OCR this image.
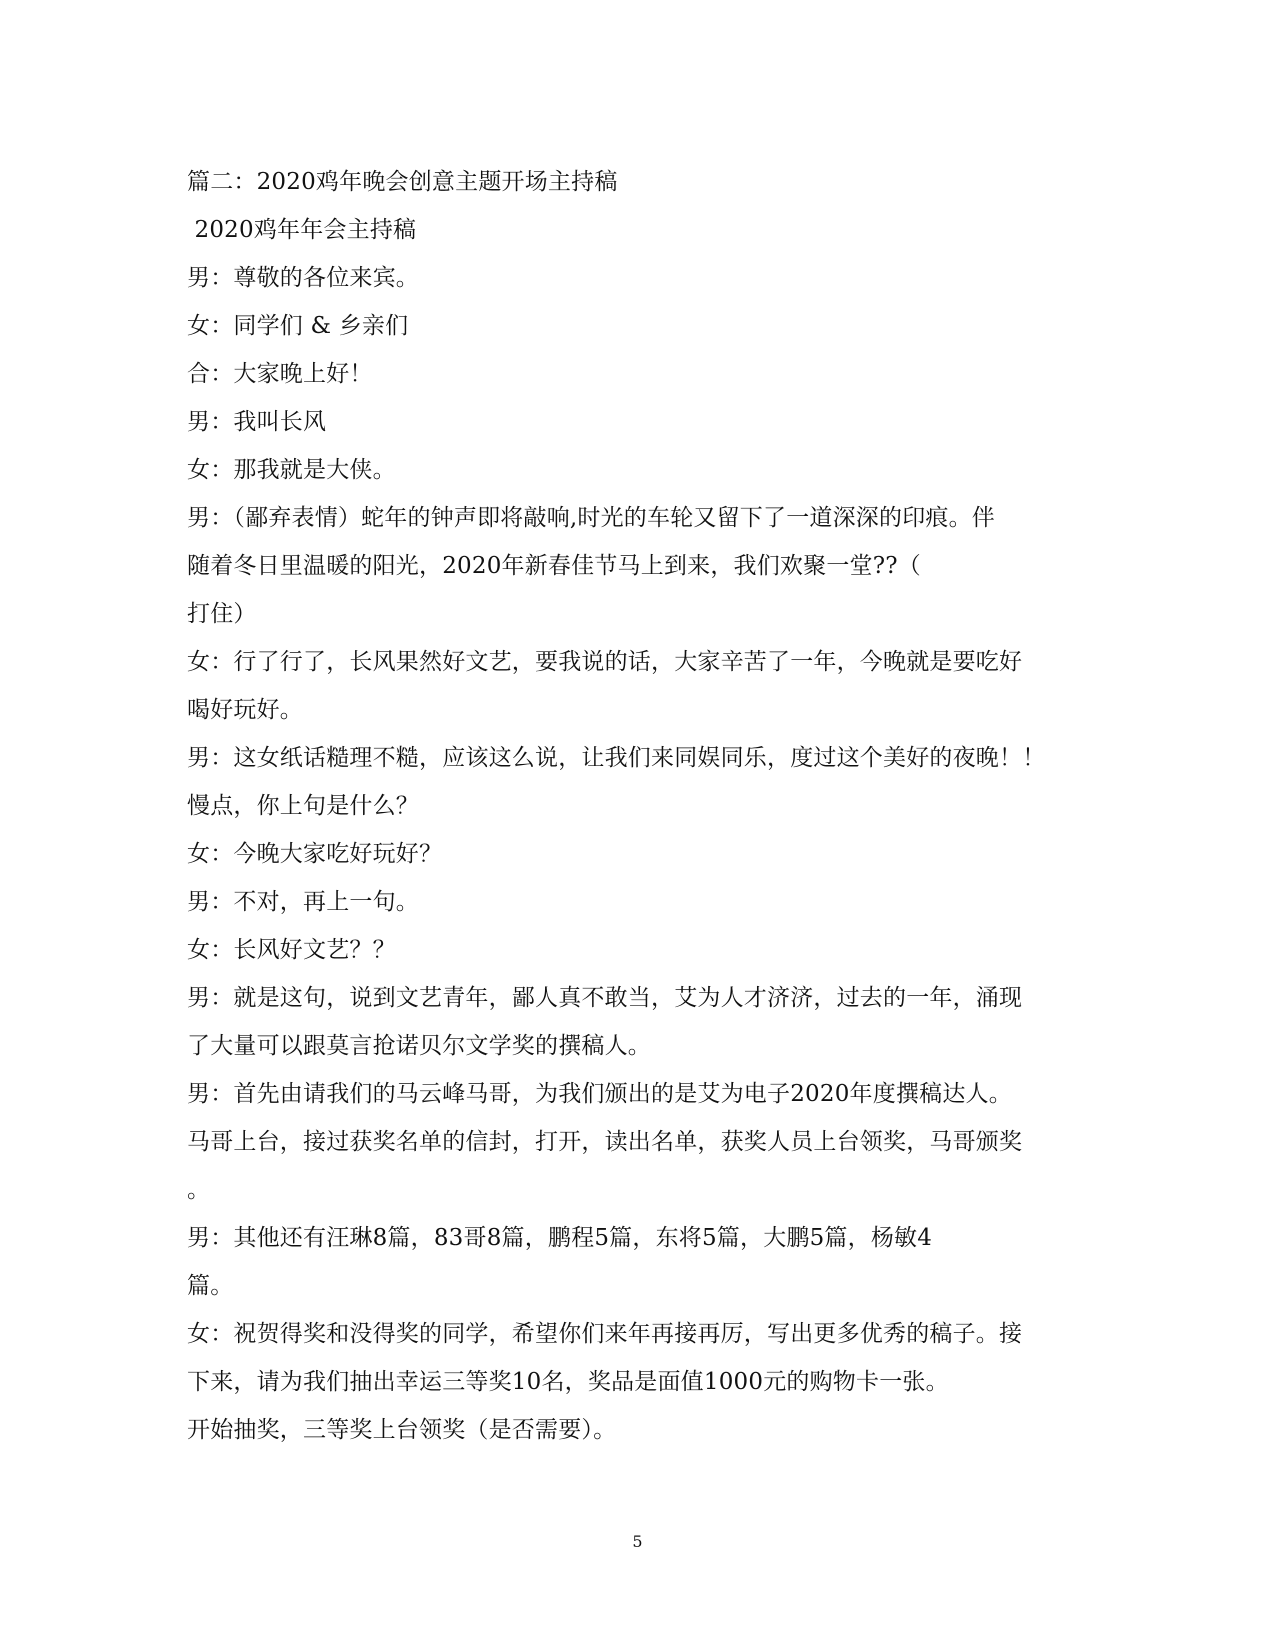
篇二：2020鸡年晚会创意主题开场主持稿
2020鸡年年会主持稿
男：尊敬的各位来宾。
女：同学们 & 乡亲们
合：大家晚上好！
男：我叫长风
女：那我就是大侠。
男：（鄙弃表情）蛇年的钟声即将敲响,时光的车轮又留下了一道深深的印痕。伴
随着冬日里温暖的阳光，2020年新春佳节马上到来，我们欢聚一堂??（
打住）
女：行了行了，长风果然好文艺，要我说的话，大家辛苦了一年，今晚就是要吃好
喝好玩好。
男：这女纸话糙理不糙，应该这么说，让我们来同娱同乐，度过这个美好的夜晚！！
慢点，你上句是什么？
女：今晚大家吃好玩好？
男：不对，再上一句。
女：长风好文艺？？
男：就是这句，说到文艺青年，鄙人真不敢当，艾为人才济济，过去的一年，涌现
了大量可以跟莫言抢诺贝尔文学奖的撰稿人。
男：首先由请我们的马云峰马哥，为我们颁出的是艾为电子2020年度撰稿达人。
马哥上台，接过获奖名单的信封，打开，读出名单，获奖人员上台领奖，马哥颁奖
。
男：其他还有汪琳8篇，83哥8篇，鹏程5篇，东将5篇，大鹏5篇，杨敏4
篇。
女：祝贺得奖和没得奖的同学，希望你们来年再接再厉，写出更多优秀的稿子。接
下来，请为我们抽出幸运三等奖10名，奖品是面值1000元的购物卡一张。
开始抽奖，三等奖上台领奖（是否需要）。
5
